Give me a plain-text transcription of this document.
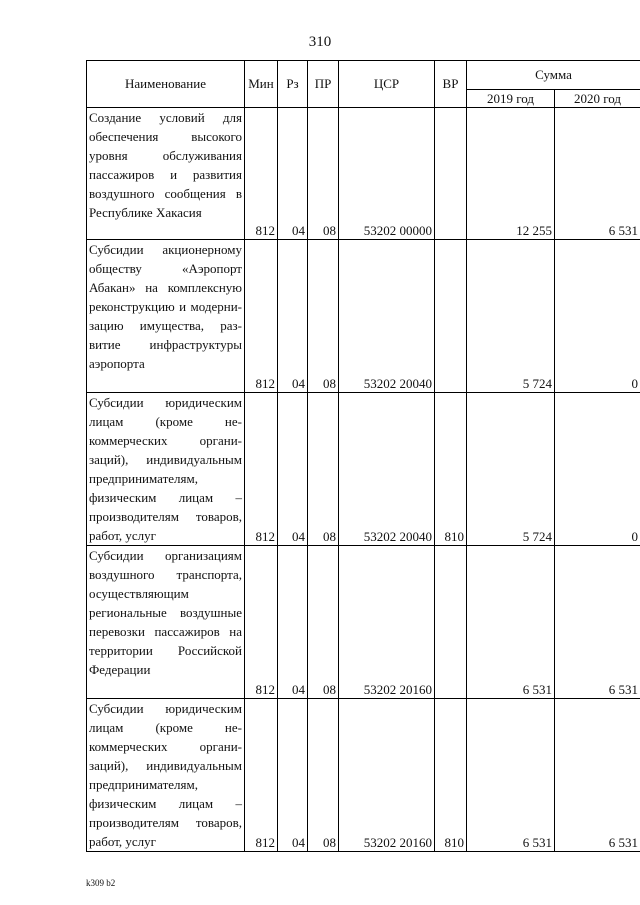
310
Наименование	Мин	Рз	ПР	ЦСР	ВР	Сумма	
						2019 год	2020 год
Создание условий для обеспечения высокого уровня обслуживания пассажиров и развития воздушного сообщения в Республике Хакасия	812	04	08	53202 00000		12 255	6 531
Субсидии акционерному обществу «Аэропорт Абакан» на комплексную реконструкцию и модернизацию имущества, развитие инфраструктуры аэропорта	812	04	08	53202 20040		5 724	0
Субсидии юридическим лицам (кроме некоммерческих организаций), индивидуальным предпринимателям, физическим лицам – производителям товаров, работ, услуг	812	04	08	53202 20040	810	5 724	0
Субсидии организациям воздушного транспорта, осуществляющим региональные воздушные перевозки пассажиров на территории Российской Федерации	812	04	08	53202 20160		6 531	6 531
Субсидии юридическим лицам (кроме некоммерческих организаций), индивидуальным предпринимателям, физическим лицам – производителям товаров, работ, услуг	812	04	08	53202 20160	810	6 531	6 531
k309 b2
